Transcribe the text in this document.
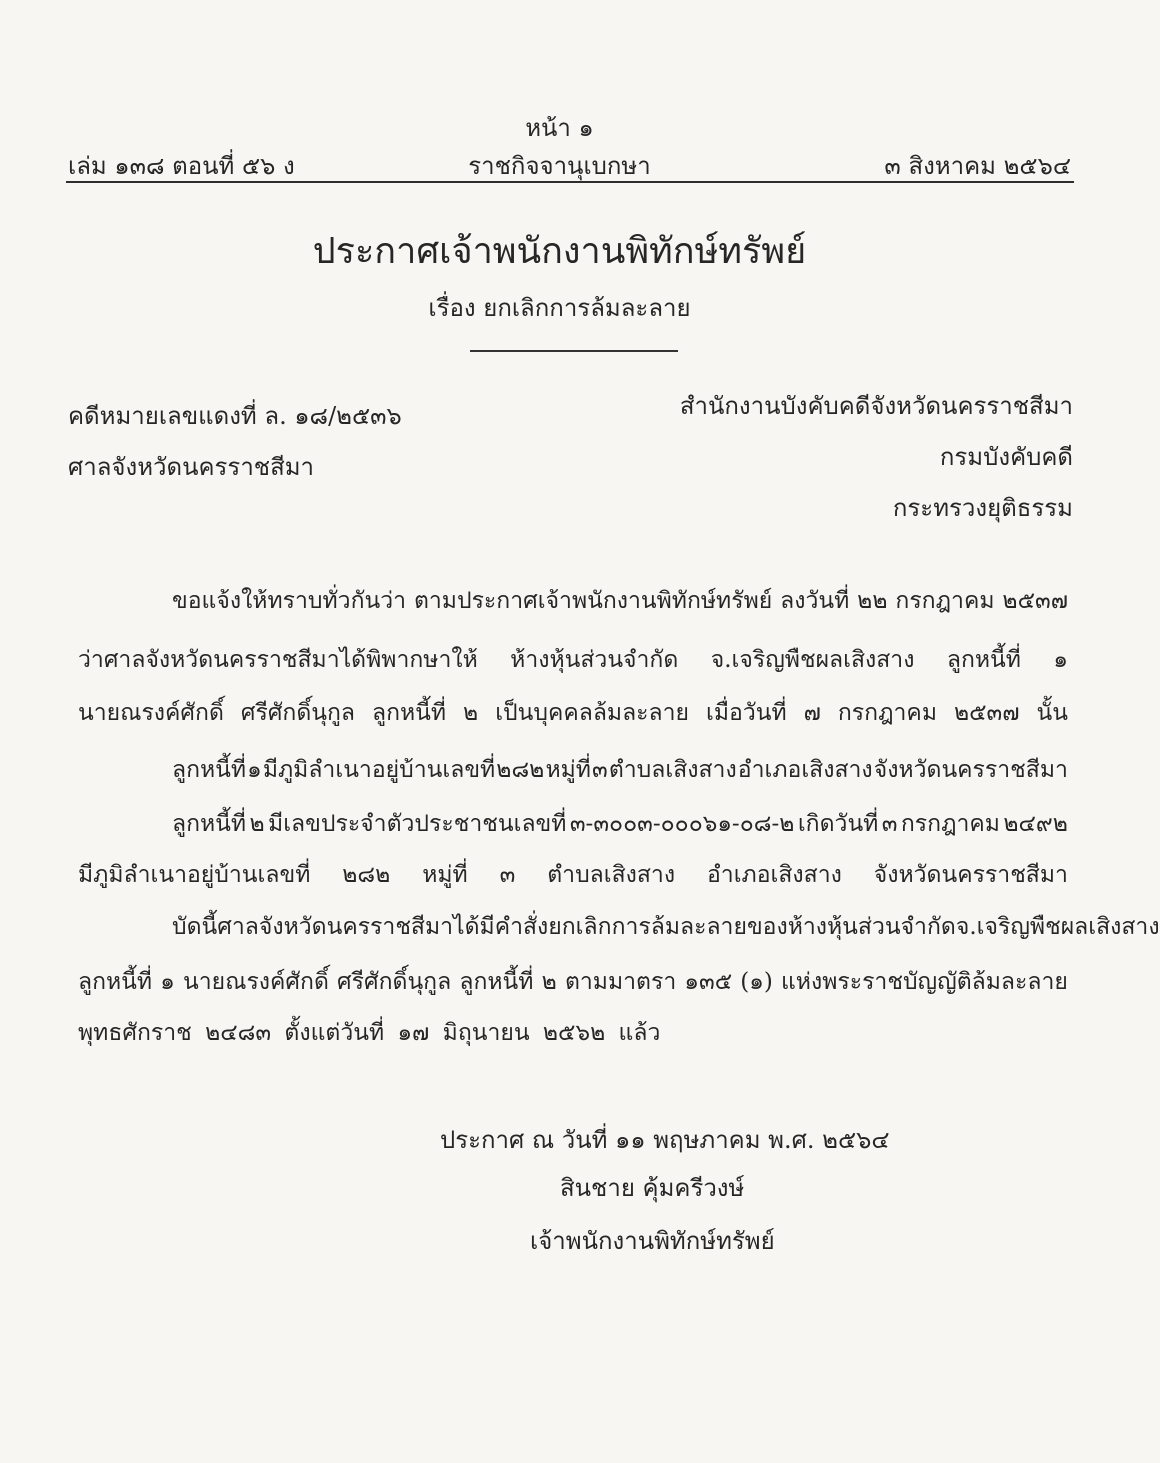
หน้า ๑
เล่ม ๑๓๘ ตอนที่ ๕๖ ง	ราชกิจจานุเบกษา	๓ สิงหาคม ๒๕๖๔
ประกาศเจ้าพนักงานพิทักษ์ทรัพย์
เรื่อง ยกเลิกการล้มละลาย
คดีหมายเลขแดงที่ ล. ๑๘/๒๕๓๖
ศาลจังหวัดนครราชสีมา
สำนักงานบังคับคดีจังหวัดนครราชสีมา
กรมบังคับคดี
กระทรวงยุติธรรม
ขอแจ้งให้ทราบทั่วกันว่า ตามประกาศเจ้าพนักงานพิทักษ์ทรัพย์ ลงวันที่ ๒๒ กรกฎาคม ๒๕๓๗
ว่าศาลจังหวัดนครราชสีมาได้พิพากษาให้ ห้างหุ้นส่วนจำกัด จ.เจริญพืชผลเสิงสาง ลูกหนี้ที่ ๑
นายณรงค์ศักดิ์ ศรีศักดิ์นุกูล ลูกหนี้ที่ ๒ เป็นบุคคลล้มละลาย เมื่อวันที่ ๗ กรกฎาคม ๒๕๓๗ นั้น
ลูกหนี้ที่ ๑ มีภูมิลำเนาอยู่บ้านเลขที่ ๒๘๒ หมู่ที่ ๓ ตำบลเสิงสาง อำเภอเสิงสาง จังหวัดนครราชสีมา
ลูกหนี้ที่ ๒ มีเลขประจำตัวประชาชนเลขที่ ๓-๓๐๐๓-๐๐๐๖๑-๐๘-๒ เกิดวันที่ ๓ กรกฎาคม ๒๔๙๒
มีภูมิลำเนาอยู่บ้านเลขที่ ๒๘๒ หมู่ที่ ๓ ตำบลเสิงสาง อำเภอเสิงสาง จังหวัดนครราชสีมา
บัดนี้ ศาลจังหวัดนครราชสีมาได้มีคำสั่งยกเลิกการล้มละลายของ ห้างหุ้นส่วนจำกัด จ.เจริญพืชผลเสิงสาง
ลูกหนี้ที่ ๑ นายณรงค์ศักดิ์ ศรีศักดิ์นุกูล ลูกหนี้ที่ ๒ ตามมาตรา ๑๓๕ (๑) แห่งพระราชบัญญัติล้มละลาย
พุทธศักราช ๒๔๘๓ ตั้งแต่วันที่ ๑๗ มิถุนายน ๒๕๖๒ แล้ว
ประกาศ ณ วันที่ ๑๑ พฤษภาคม พ.ศ. ๒๕๖๔
สินชาย คุ้มครีวงษ์
เจ้าพนักงานพิทักษ์ทรัพย์
